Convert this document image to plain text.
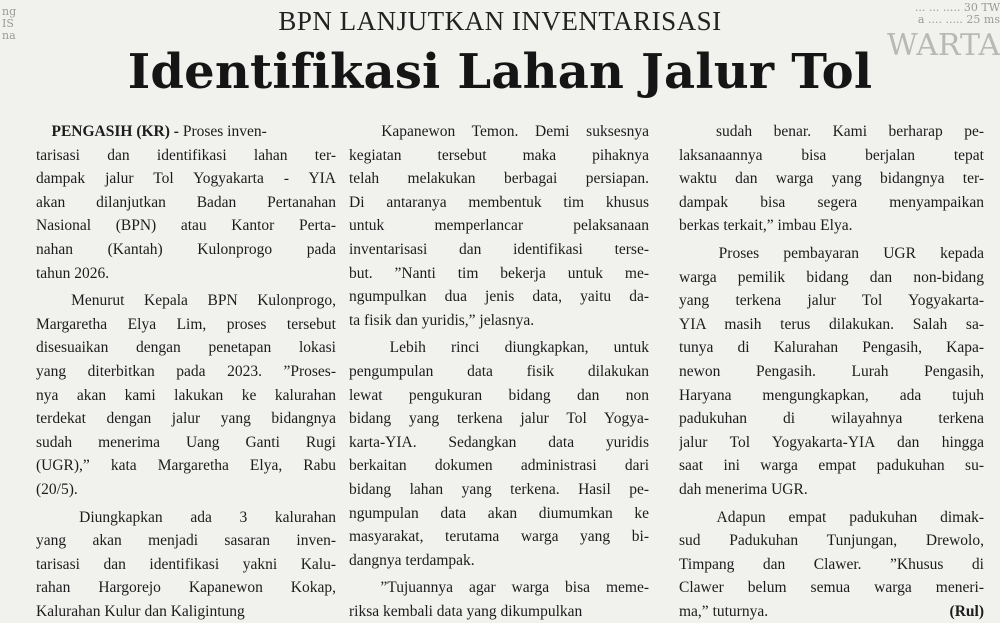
ng
IS
na
... ... ..... 30 TW
a .... ..... 25 ms
WARTA
BPN LANJUTKAN INVENTARISASI
Identifikasi Lahan Jalur Tol
 PENGASIH (KR) - Proses inven-
tarisasi dan identifikasi lahan ter-
dampak jalur Tol Yogyakarta - YIA
akan dilanjutkan Badan Pertanahan
Nasional (BPN) atau Kantor Perta-
nahan (Kantah) Kulonprogo pada
tahun 2026.
  Menurut Kepala BPN Kulonprogo,
Margaretha Elya Lim, proses tersebut
disesuaikan dengan penetapan lokasi
yang diterbitkan pada 2023. ”Proses-
nya akan kami lakukan ke kalurahan
terdekat dengan jalur yang bidangnya
sudah menerima Uang Ganti Rugi
(UGR),” kata Margaretha Elya, Rabu
(20/5).
  Diungkapkan ada 3 kalurahan
yang akan menjadi sasaran inven-
tarisasi dan identifikasi yakni Kalu-
rahan Hargorejo Kapanewon Kokap,
Kalurahan Kulur dan Kaligintung
  Kapanewon Temon. Demi suksesnya
kegiatan tersebut maka pihaknya
telah melakukan berbagai persiapan.
Di antaranya membentuk tim khusus
untuk memperlancar pelaksanaan
inventarisasi dan identifikasi terse-
but. ”Nanti tim bekerja untuk me-
ngumpulkan dua jenis data, yaitu da-
ta fisik dan yuridis,” jelasnya.
  Lebih rinci diungkapkan, untuk
pengumpulan data fisik dilakukan
lewat pengukuran bidang dan non
bidang yang terkena jalur Tol Yogya-
karta-YIA. Sedangkan data yuridis
berkaitan dokumen administrasi dari
bidang lahan yang terkena. Hasil pe-
ngumpulan data akan diumumkan ke
masyarakat, terutama warga yang bi-
dangnya terdampak.
  ”Tujuannya agar warga bisa meme-
riksa kembali data yang dikumpulkan
  sudah benar. Kami berharap pe-
laksanaannya bisa berjalan tepat
waktu dan warga yang bidangnya ter-
dampak bisa segera menyampaikan
berkas terkait,” imbau Elya.
  Proses pembayaran UGR kepada
warga pemilik bidang dan non-bidang
yang terkena jalur Tol Yogyakarta-
YIA masih terus dilakukan. Salah sa-
tunya di Kalurahan Pengasih, Kapa-
newon Pengasih. Lurah Pengasih,
Haryana mengungkapkan, ada tujuh
padukuhan di wilayahnya terkena
jalur Tol Yogyakarta-YIA dan hingga
saat ini warga empat padukuhan su-
dah menerima UGR.
  Adapun empat padukuhan dimak-
sud Padukuhan Tunjungan, Drewolo,
Timpang dan Clawer. ”Khusus di
Clawer belum semua warga meneri-
ma,” tuturnya.	(Rul)
